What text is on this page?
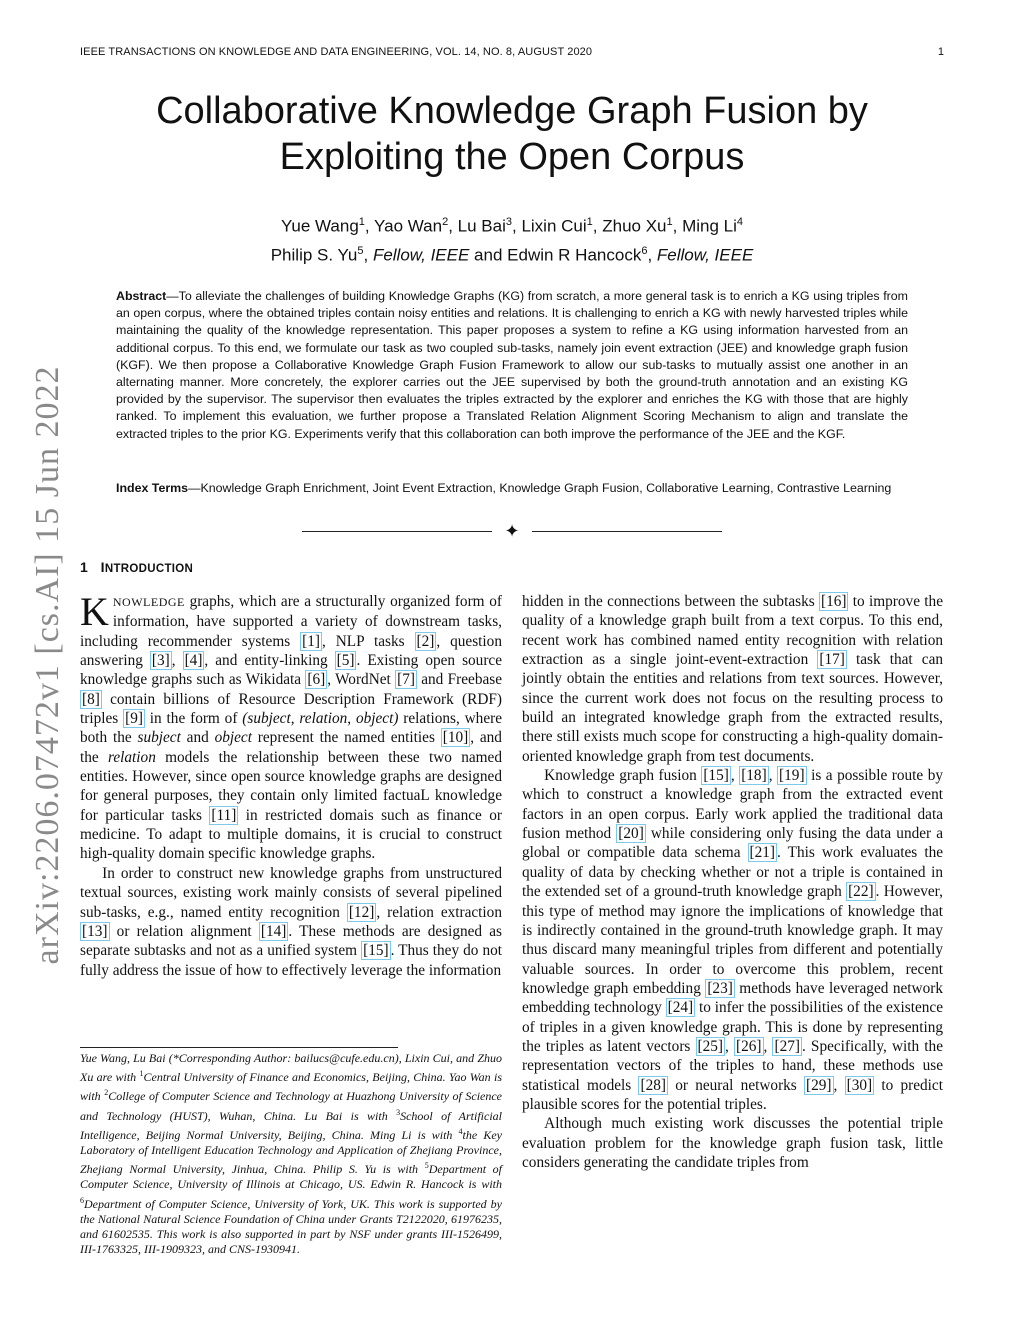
IEEE TRANSACTIONS ON KNOWLEDGE AND DATA ENGINEERING, VOL. 14, NO. 8, AUGUST 2020	1
Collaborative Knowledge Graph Fusion by
Exploiting the Open Corpus
Yue Wang$^1$, Yao Wan$^2$, Lu Bai$^3$, Lixin Cui$^1$, Zhuo Xu$^1$, Ming Li$^4$
Philip S. Yu$^5$, Fellow, IEEE and Edwin R Hancock$^6$, Fellow, IEEE
arXiv:2206.07472v1 [cs.AI] 15 Jun 2022
Abstract—To alleviate the challenges of building Knowledge Graphs (KG) from scratch, a more general task is to enrich a KG using triples from an open corpus, where the obtained triples contain noisy entities and relations. It is challenging to enrich a KG with newly harvested triples while maintaining the quality of the knowledge representation. This paper proposes a system to refine a KG using information harvested from an additional corpus. To this end, we formulate our task as two coupled sub-tasks, namely join event extraction (JEE) and knowledge graph fusion (KGF). We then propose a Collaborative Knowledge Graph Fusion Framework to allow our sub-tasks to mutually assist one another in an alternating manner. More concretely, the explorer carries out the JEE supervised by both the ground-truth annotation and an existing KG provided by the supervisor. The supervisor then evaluates the triples extracted by the explorer and enriches the KG with those that are highly ranked. To implement this evaluation, we further propose a Translated Relation Alignment Scoring Mechanism to align and translate the extracted triples to the prior KG. Experiments verify that this collaboration can both improve the performance of the JEE and the KGF.
Index Terms—Knowledge Graph Enrichment, Joint Event Extraction, Knowledge Graph Fusion, Collaborative Learning, Contrastive Learning
✦
1 INTRODUCTION

KNOWLEDGE graphs, which are a structurally organized form of information, have supported a variety of downstream tasks, including recommender systems [1] , NLP tasks [2] , question answering [3] , [4] , and entity-linking [5] . Existing open source knowledge graphs such as Wikidata [6] , WordNet [7] and Freebase [8] contain billions of Resource Description Framework (RDF) triples [9] in the form of (subject, relation, object) relations, where both the subject and object represent the named entities [10] , and the relation models the relationship between these two named entities. However, since open source knowledge graphs are designed for general purposes, they contain only limited factuaL knowledge for particular tasks [11] in restricted domais such as finance or medicine. To adapt to multiple domains, it is crucial to construct high-quality domain specific knowledge graphs.

In order to construct new knowledge graphs from unstructured textual sources, existing work mainly consists of several pipelined sub-tasks, e.g., named entity recognition [12] , relation extraction [13] or relation alignment [14] . These methods are designed as separate subtasks and not as a unified system [15] . Thus they do not fully address the issue of how to effectively leverage the information

Yue Wang, Lu Bai (*Corresponding Author: bailucs@cufe.edu.cn), Lixin Cui, and Zhuo Xu are with $^1$Central University of Finance and Economics, Beijing, China. Yao Wan is with $^2$College of Computer Science and Technology at Huazhong University of Science and Technology (HUST), Wuhan, China. Lu Bai is with $^3$School of Artificial Intelligence, Beijing Normal University, Beijing, China. Ming Li is with $^4$the Key Laboratory of Intelligent Education Technology and Application of Zhejiang Province, Zhejiang Normal University, Jinhua, China. Philip S. Yu is with $^5$Department of Computer Science, University of Illinois at Chicago, US. Edwin R. Hancock is with $^6$Department of Computer Science, University of York, UK. This work is supported by the National Natural Science Foundation of China under Grants T2122020, 61976235, and 61602535. This work is also supported in part by NSF under grants III-1526499, III-1763325, III-1909323, and CNS-1930941.

hidden in the connections between the subtasks [16] to improve the quality of a knowledge graph built from a text corpus. To this end, recent work has combined named entity recognition with relation extraction as a single joint-event-extraction [17] task that can jointly obtain the entities and relations from text sources. However, since the current work does not focus on the resulting process to build an integrated knowledge graph from the extracted results, there still exists much scope for constructing a high-quality domain-oriented knowledge graph from test documents.

Knowledge graph fusion [15] , [18] , [19] is a possible route by which to construct a knowledge graph from the extracted event factors in an open corpus. Early work applied the traditional data fusion method [20] while considering only fusing the data under a global or compatible data schema [21] . This work evaluates the quality of data by checking whether or not a triple is contained in the extended set of a ground-truth knowledge graph [22] . However, this type of method may ignore the implications of knowledge that is indirectly contained in the ground-truth knowledge graph. It may thus discard many meaningful triples from different and potentially valuable sources. In order to overcome this problem, recent knowledge graph embedding [23] methods have leveraged network embedding technology [24] to infer the possibilities of the existence of triples in a given knowledge graph. This is done by representing the triples as latent vectors [25] , [26] , [27] . Specifically, with the representation vectors of the triples to hand, these methods use statistical models [28] or neural networks [29] , [30] to predict plausible scores for the potential triples.

Although much existing work discusses the potential triple evaluation problem for the knowledge graph fusion task, little considers generating the candidate triples from
